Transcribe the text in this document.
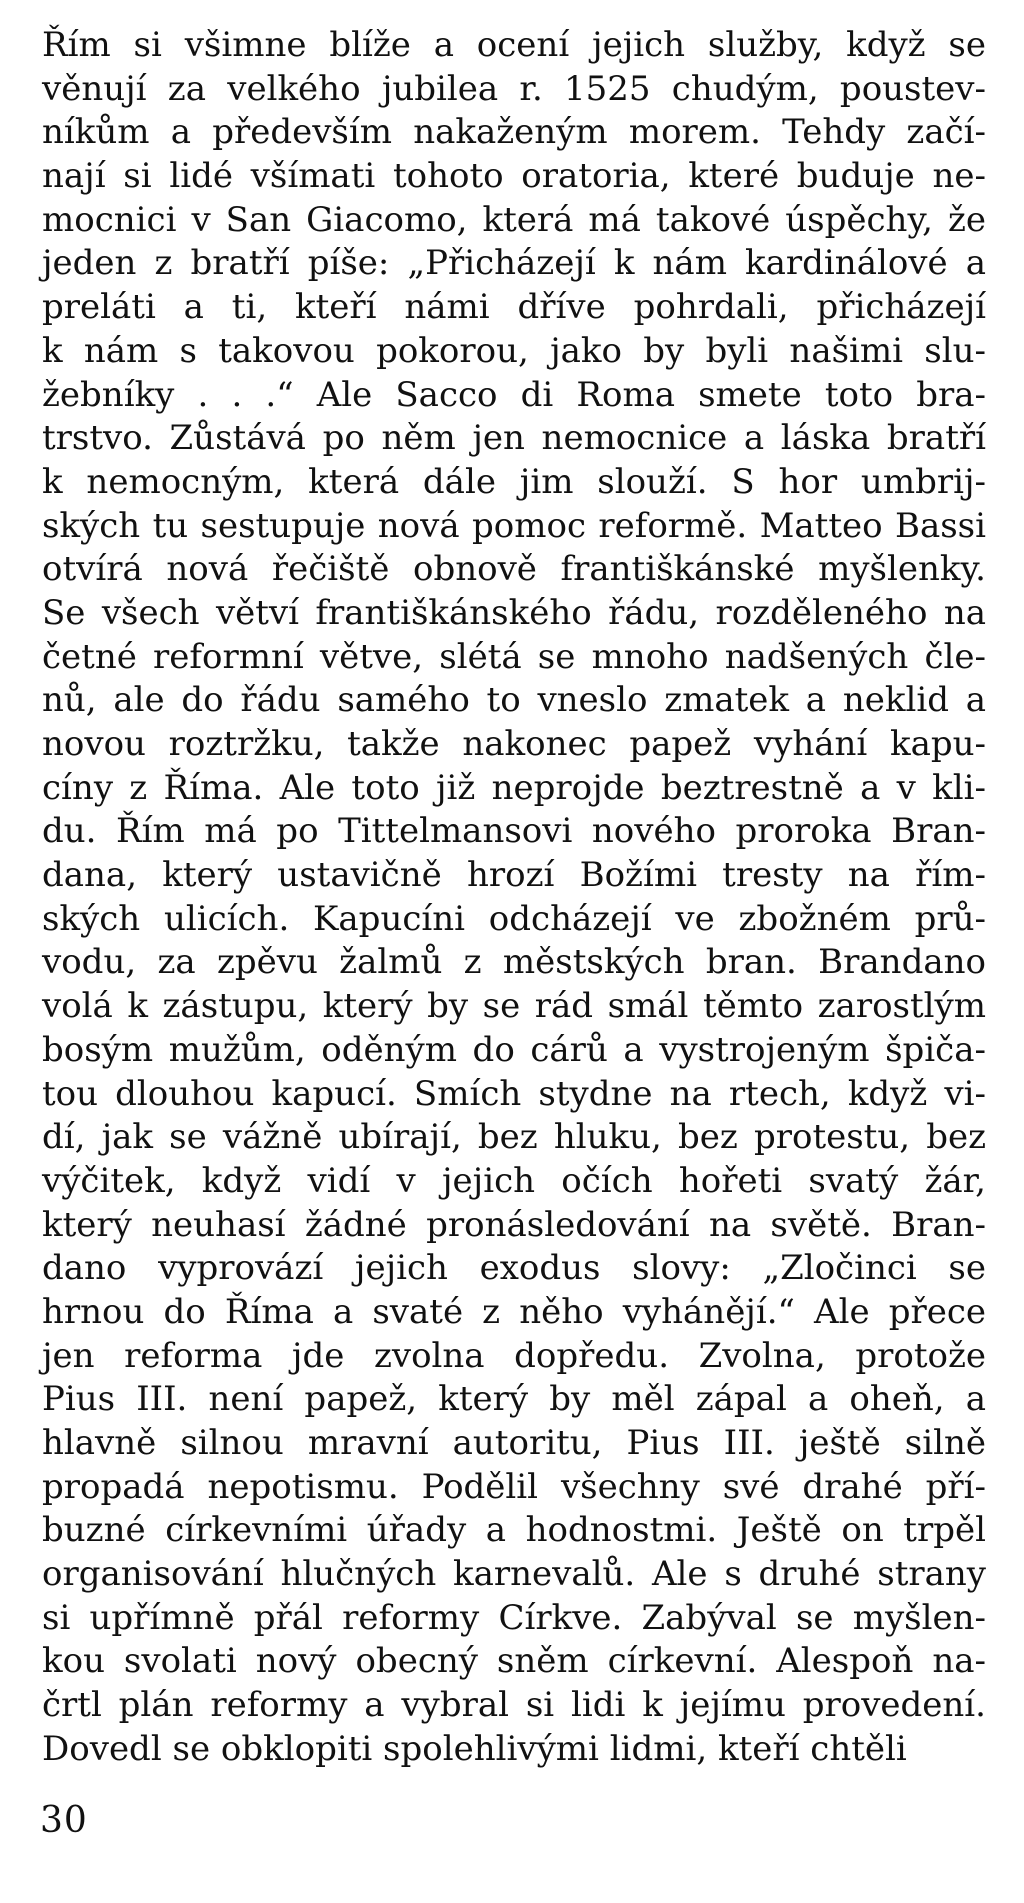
Řím si všimne blíže a ocení jejich služby, když se
věnují za velkého jubilea r. 1525 chudým, poustev-
níkům a především nakaženým morem. Tehdy začí-
nají si lidé všímati tohoto oratoria, které buduje ne-
mocnici v San Giacomo, která má takové úspěchy, že
jeden z bratří píše: „Přicházejí k nám kardinálové a
preláti a ti, kteří námi dříve pohrdali, přicházejí
k nám s takovou pokorou, jako by byli našimi slu-
žebníky . . .“ Ale Sacco di Roma smete toto bra-
trstvo. Zůstává po něm jen nemocnice a láska bratří
k nemocným, která dále jim slouží. S hor umbrij-
ských tu sestupuje nová pomoc reformě. Matteo Bassi
otvírá nová řečiště obnově františkánské myšlenky.
Se všech větví františkánského řádu, rozděleného na
četné reformní větve, slétá se mnoho nadšených čle-
nů, ale do řádu samého to vneslo zmatek a neklid a
novou roztržku, takže nakonec papež vyhání kapu-
cíny z Říma. Ale toto již neprojde beztrestně a v kli-
du. Řím má po Tittelmansovi nového proroka Bran-
dana, který ustavičně hrozí Božími tresty na řím-
ských ulicích. Kapucíni odcházejí ve zbožném prů-
vodu, za zpěvu žalmů z městských bran. Brandano
volá k zástupu, který by se rád smál těmto zarostlým
bosým mužům, oděným do cárů a vystrojeným špiča-
tou dlouhou kapucí. Smích stydne na rtech, když vi-
dí, jak se vážně ubírají, bez hluku, bez protestu, bez
výčitek, když vidí v jejich očích hořeti svatý žár,
který neuhasí žádné pronásledování na světě. Bran-
dano vyprovází jejich exodus slovy: „Zločinci se
hrnou do Říma a svaté z něho vyhánějí.“ Ale přece
jen reforma jde zvolna dopředu. Zvolna, protože
Pius III. není papež, který by měl zápal a oheň, a
hlavně silnou mravní autoritu, Pius III. ještě silně
propadá nepotismu. Podělil všechny své drahé pří-
buzné církevními úřady a hodnostmi. Ještě on trpěl
organisování hlučných karnevalů. Ale s druhé strany
si upřímně přál reformy Církve. Zabýval se myšlen-
kou svolati nový obecný sněm církevní. Alespoň na-
črtl plán reformy a vybral si lidi k jejímu provedení.
Dovedl se obklopiti spolehlivými lidmi, kteří chtěli
30
